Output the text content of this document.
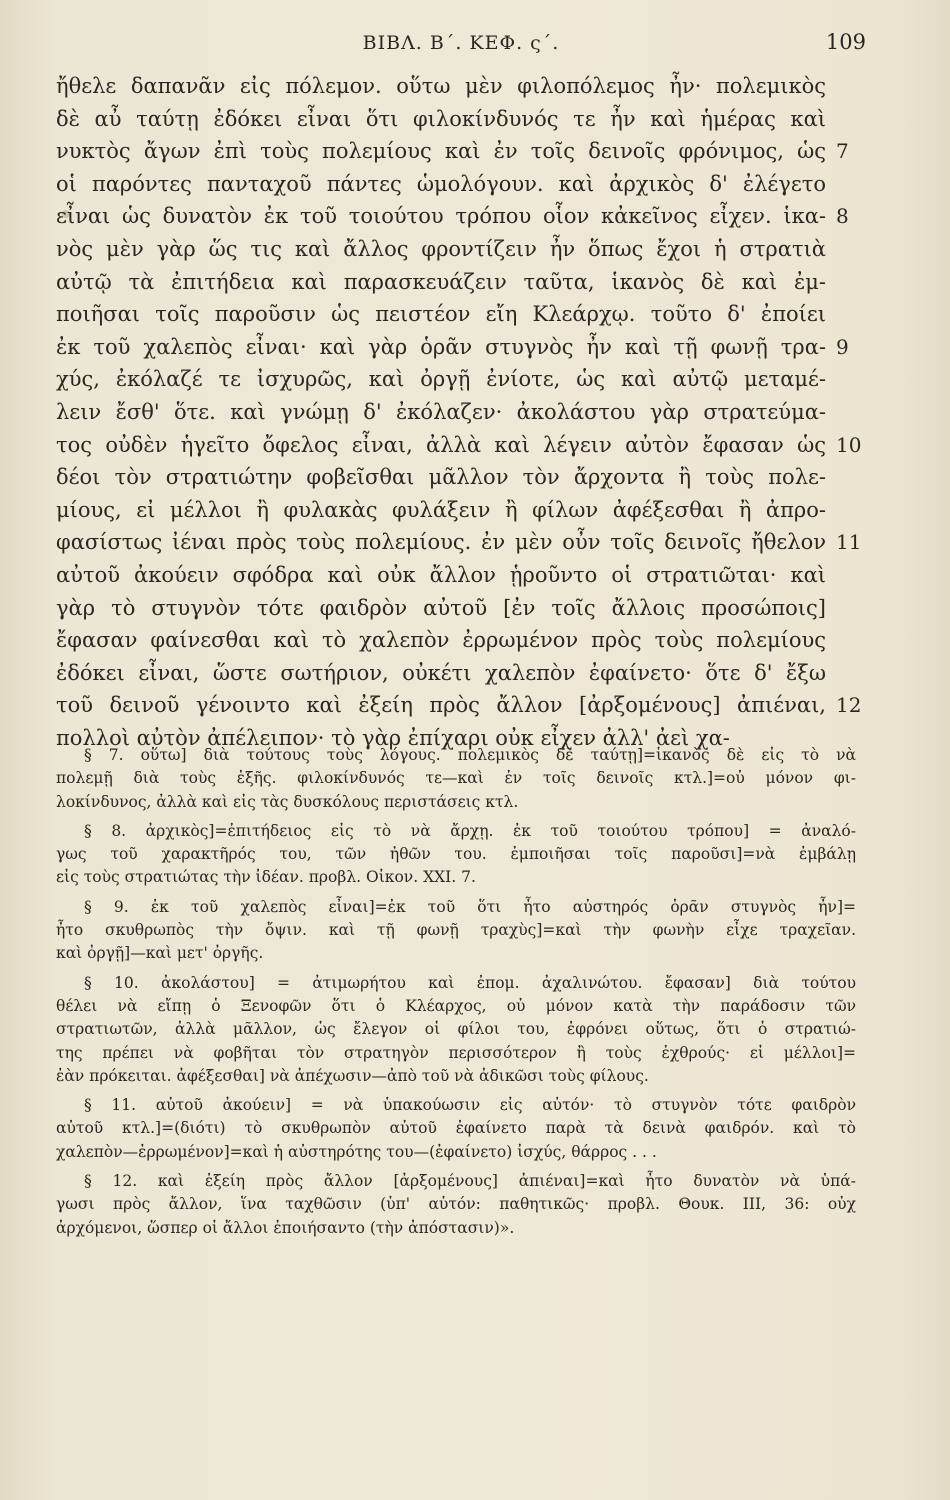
ΒΙΒΛ. Β΄. ΚΕΦ. ς΄.	109
ἤθελε δαπανᾶν εἰς πόλεμον. οὕτω μὲν φιλοπόλεμος ἦν· πολεμικὸς
δὲ αὖ ταύτῃ ἐδόκει εἶναι ὅτι φιλοκίνδυνός τε ἦν καὶ ἡμέρας καὶ
νυκτὸς ἄγων ἐπὶ τοὺς πολεμίους καὶ ἐν τοῖς δεινοῖς φρόνιμος, ὡς
οἱ παρόντες πανταχοῦ πάντες ὡμολόγουν. καὶ ἀρχικὸς δ' ἐλέγετο
εἶναι ὡς δυνατὸν ἐκ τοῦ τοιούτου τρόπου οἷον κἀκεῖνος εἶχεν. ἱκα-
νὸς μὲν γὰρ ὥς τις καὶ ἄλλος φροντίζειν ἦν ὅπως ἔχοι ἡ στρατιὰ
αὐτῷ τὰ ἐπιτήδεια καὶ παρασκευάζειν ταῦτα, ἱκανὸς δὲ καὶ ἐμ-
ποιῆσαι τοῖς παροῦσιν ὡς πειστέον εἴη Κλεάρχῳ. τοῦτο δ' ἐποίει
ἐκ τοῦ χαλεπὸς εἶναι· καὶ γὰρ ὁρᾶν στυγνὸς ἦν καὶ τῇ φωνῇ τρα-
χύς, ἐκόλαζέ τε ἰσχυρῶς, καὶ ὀργῇ ἐνίοτε, ὡς καὶ αὐτῷ μεταμέ-
λειν ἔσθ' ὅτε. καὶ γνώμῃ δ' ἐκόλαζεν· ἀκολάστου γὰρ στρατεύμα-
τος οὐδὲν ἡγεῖτο ὄφελος εἶναι, ἀλλὰ καὶ λέγειν αὐτὸν ἔφασαν ὡς
δέοι τὸν στρατιώτην φοβεῖσθαι μᾶλλον τὸν ἄρχοντα ἢ τοὺς πολε-
μίους, εἰ μέλλοι ἢ φυλακὰς φυλάξειν ἢ φίλων ἀφέξεσθαι ἢ ἀπρο-
φασίστως ἰέναι πρὸς τοὺς πολεμίους. ἐν μὲν οὖν τοῖς δεινοῖς ἤθελον
αὐτοῦ ἀκούειν σφόδρα καὶ οὐκ ἄλλον ᾑροῦντο οἱ στρατιῶται· καὶ
γὰρ τὸ στυγνὸν τότε φαιδρὸν αὐτοῦ [ἐν τοῖς ἄλλοις προσώποις]
ἔφασαν φαίνεσθαι καὶ τὸ χαλεπὸν ἐρρωμένον πρὸς τοὺς πολεμίους
ἐδόκει εἶναι, ὥστε σωτήριον, οὐκέτι χαλεπὸν ἐφαίνετο· ὅτε δ' ἔξω
τοῦ δεινοῦ γένοιντο καὶ ἐξείη πρὸς ἄλλον [ἀρξομένους] ἀπιέναι,
πολλοὶ αὐτὸν ἀπέλειπον· τὸ γὰρ ἐπίχαρι οὐκ εἶχεν ἀλλ' ἀεὶ χα-
7
8
9
10
11
12
§ 7. οὕτω] διὰ τούτους τοὺς λόγους. πολεμικὸς δὲ ταύτῃ]=ἱκανὸς δὲ εἰς τὸ νὰ
πολεμῇ διὰ τοὺς ἑξῆς. φιλοκίνδυνός τε—καὶ ἐν τοῖς δεινοῖς κτλ.]=οὐ μόνον φι-
λοκίνδυνος, ἀλλὰ καὶ εἰς τὰς δυσκόλους περιστάσεις κτλ.
§ 8. ἀρχικὸς]=ἐπιτήδειος εἰς τὸ νὰ ἄρχῃ. ἐκ τοῦ τοιούτου τρόπου] = ἀναλό-
γως τοῦ χαρακτῆρός του, τῶν ἠθῶν του. ἐμποιῆσαι τοῖς παροῦσι]=νὰ ἐμβάλῃ
εἰς τοὺς στρατιώτας τὴν ἰδέαν. προβλ. Οἰκον. XXI. 7.
§ 9. ἐκ τοῦ χαλεπὸς εἶναι]=ἐκ τοῦ ὅτι ἦτο αὐστηρός ὁρᾶν στυγνὸς ἦν]=
ἦτο σκυθρωπὸς τὴν ὄψιν. καὶ τῇ φωνῇ τραχὺς]=καὶ τὴν φωνὴν εἶχε τραχεῖαν.
καὶ ὀργῇ]—καὶ μετ' ὀργῆς.
§ 10. ἀκολάστου] = ἀτιμωρήτου καὶ ἐπομ. ἀχαλινώτου. ἔφασαν] διὰ τούτου
θέλει νὰ εἴπῃ ὁ Ξενοφῶν ὅτι ὁ Κλέαρχος, οὐ μόνον κατὰ τὴν παράδοσιν τῶν
στρατιωτῶν, ἀλλὰ μᾶλλον, ὡς ἔλεγον οἱ φίλοι του, ἐφρόνει οὕτως, ὅτι ὁ στρατιώ-
της πρέπει νὰ φοβῆται τὸν στρατηγὸν περισσότερον ἢ τοὺς ἐχθρούς· εἰ μέλλοι]=
ἐὰν πρόκειται. ἀφέξεσθαι] νὰ ἀπέχωσιν—ἀπὸ τοῦ νὰ ἀδικῶσι τοὺς φίλους.
§ 11. αὐτοῦ ἀκούειν] = νὰ ὑπακούωσιν εἰς αὐτόν· τὸ στυγνὸν τότε φαιδρὸν
αὐτοῦ κτλ.]=(διότι) τὸ σκυθρωπὸν αὐτοῦ ἐφαίνετο παρὰ τὰ δεινὰ φαιδρόν. καὶ τὸ
χαλεπὸν—ἐρρωμένον]=καὶ ἡ αὐστηρότης του—(ἐφαίνετο) ἰσχύς, θάρρος . . .
§ 12. καὶ ἐξείη πρὸς ἄλλον [ἀρξομένους] ἀπιέναι]=καὶ ἦτο δυνατὸν νὰ ὑπά-
γωσι πρὸς ἄλλον, ἵνα ταχθῶσιν (ὑπ' αὐτόν: παθητικῶς· προβλ. Θουκ. III, 36: οὐχ
ἀρχόμενοι, ὥσπερ οἱ ἄλλοι ἐποιήσαντο (τὴν ἀπόστασιν)».
